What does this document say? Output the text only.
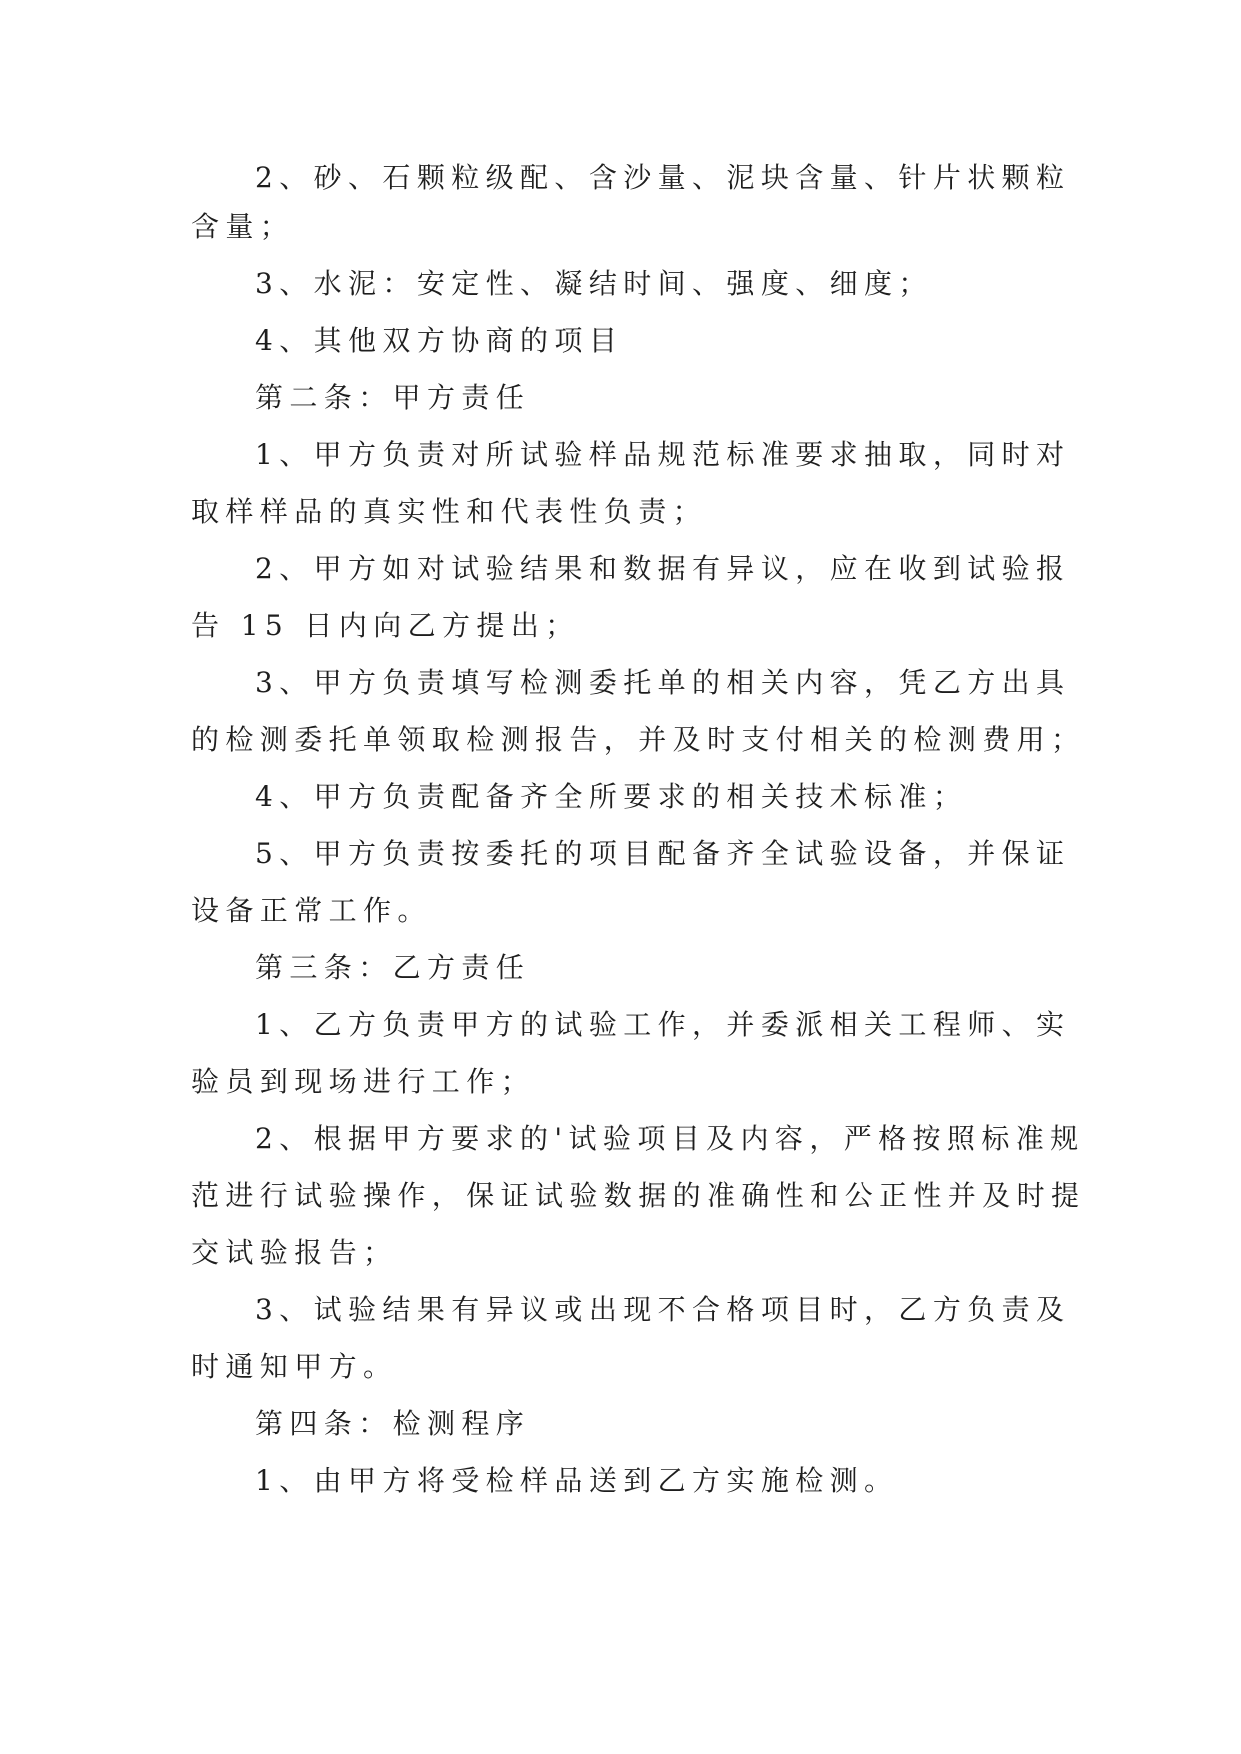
2、砂、石颗粒级配、含沙量、泥块含量、针片状颗粒
含量；
3、水泥：安定性、凝结时间、强度、细度；
4、其他双方协商的项目
第二条：甲方责任
1、甲方负责对所试验样品规范标准要求抽取，同时对
取样样品的真实性和代表性负责；
2、甲方如对试验结果和数据有异议，应在收到试验报
告 15 日内向乙方提出；
3、甲方负责填写检测委托单的相关内容，凭乙方出具
的检测委托单领取检测报告，并及时支付相关的检测费用；
4、甲方负责配备齐全所要求的相关技术标准；
5、甲方负责按委托的项目配备齐全试验设备，并保证
设备正常工作。
第三条：乙方责任
1、乙方负责甲方的试验工作，并委派相关工程师、实
验员到现场进行工作；
2、根据甲方要求的'试验项目及内容，严格按照标准规
范进行试验操作，保证试验数据的准确性和公正性并及时提
交试验报告；
3、试验结果有异议或出现不合格项目时，乙方负责及
时通知甲方。
第四条：检测程序
1、由甲方将受检样品送到乙方实施检测。
